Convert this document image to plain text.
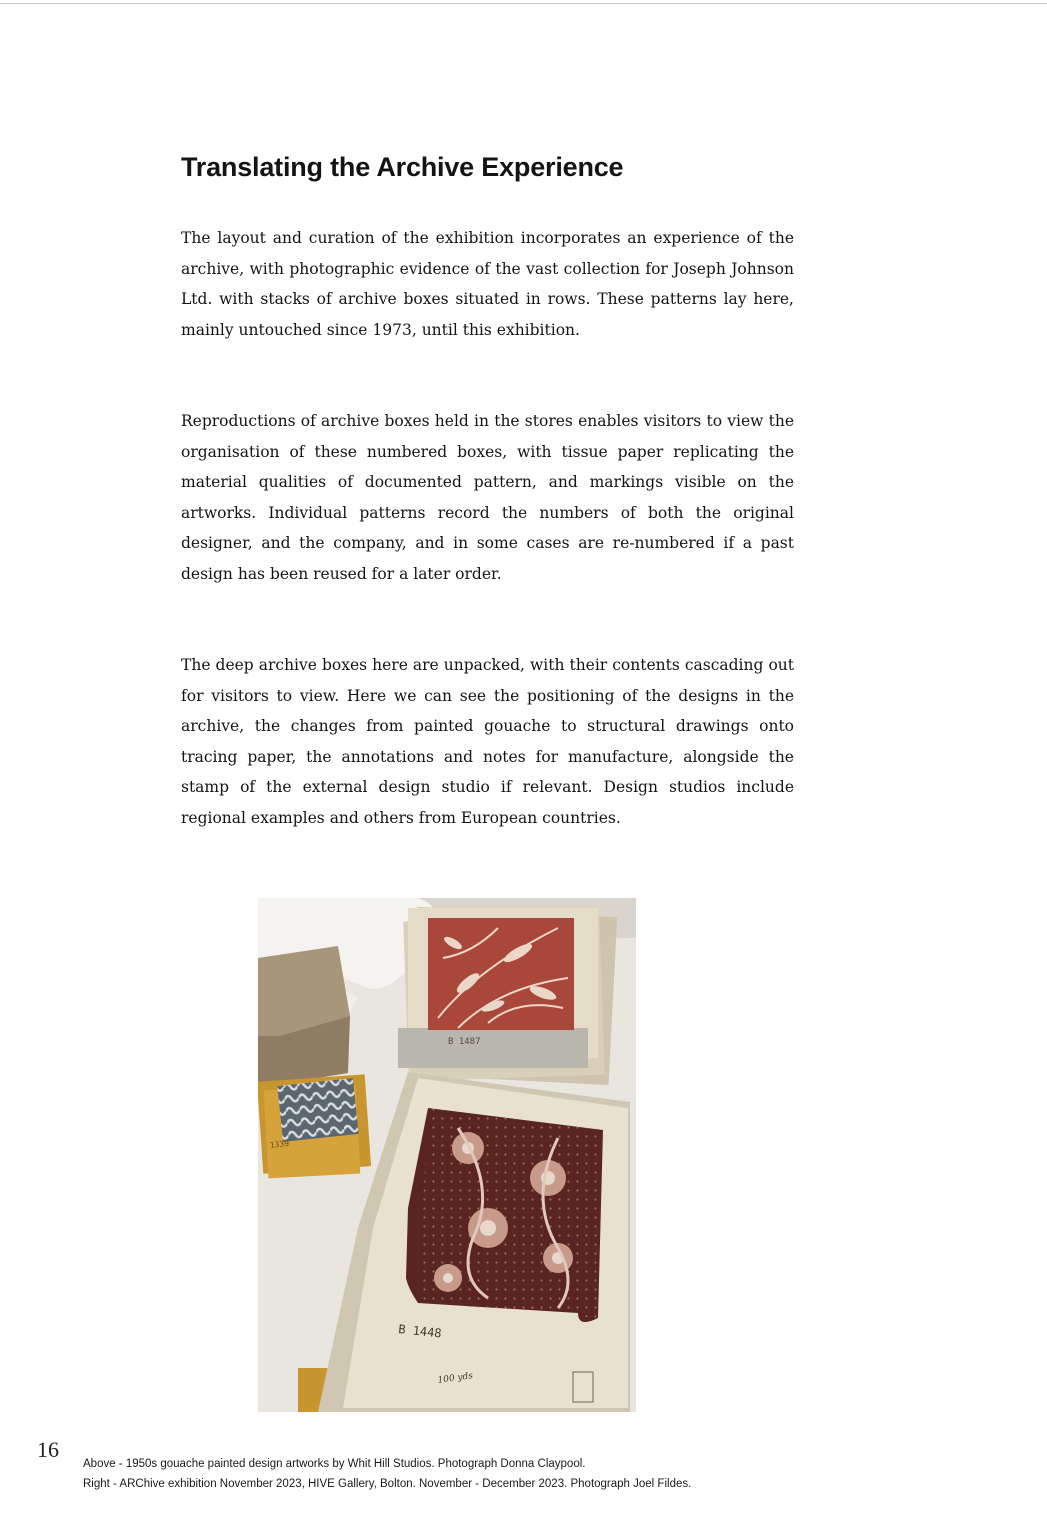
Translating the Archive Experience

The layout and curation of the exhibition incorporates an experience of the archive, with photographic evidence of the vast collection for Joseph Johnson Ltd. with stacks of archive boxes situated in rows. These patterns lay here, mainly untouched since 1973, until this exhibition.

Reproductions of archive boxes held in the stores enables visitors to view the organisation of these numbered boxes, with tissue paper replicating the material qualities of documented pattern, and markings visible on the artworks. Individual patterns record the numbers of both the original designer, and the company, and in some cases are re-numbered if a past design has been reused for a later order.

The deep archive boxes here are unpacked, with their contents cascading out for visitors to view. Here we can see the positioning of the designs in the archive, the changes from painted gouache to structural drawings onto tracing paper, the annotations and notes for manufacture, alongside the stamp of the external design studio if relevant. Design studios include regional examples and others from European countries.

B 1487
1339
B 1448
100 yds
16
Above - 1950s gouache painted design artworks by Whit Hill Studios. Photograph Donna Claypool.
Right - ARChive exhibition November 2023, HIVE Gallery, Bolton. November - December 2023. Photograph Joel Fildes.
